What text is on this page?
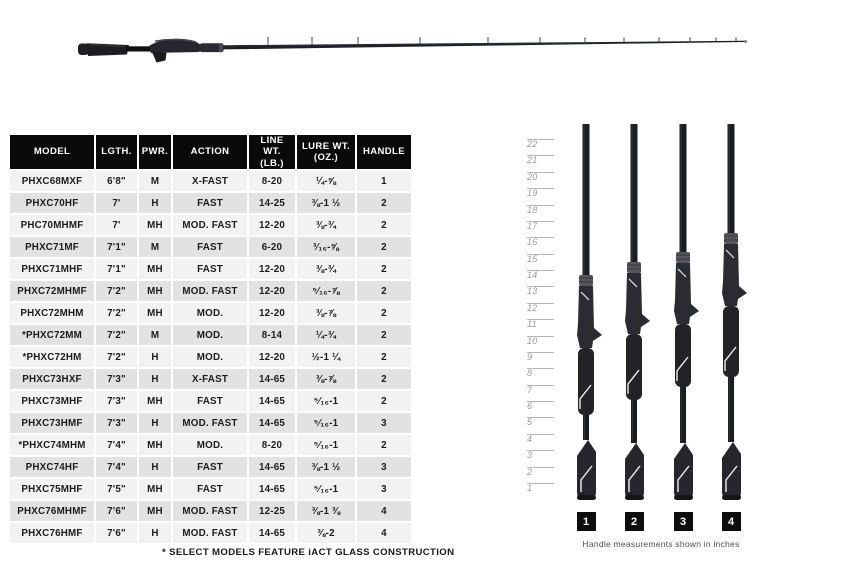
MODEL	LGTH.	PWR.	ACTION	LINE WT. (LB.)	LURE WT. (OZ.)	HANDLE
PHXC68MXF	6'8"	M	X-FAST	8-20	¼-⅝	1
PHXC70HF	7'	H	FAST	14-25	⅜-1 ½	2
PHC70MHMF	7'	MH	MOD. FAST	12-20	⅜-¾	2
PHXC71MF	7'1"	M	FAST	6-20	³⁄₁₆-⅝	2
PHXC71MHF	7'1"	MH	FAST	12-20	⅜-¾	2
PHXC72MHMF	7'2"	MH	MOD. FAST	12-20	⁵⁄₁₆-⅞	2
PHXC72MHM	7'2"	MH	MOD.	12-20	⅜-⅞	2
*PHXC72MM	7'2"	M	MOD.	8-14	¼-¾	2
*PHXC72HM	7'2"	H	MOD.	12-20	½-1 ¼	2
PHXC73HXF	7'3"	H	X-FAST	14-65	⅜-⅞	2
PHXC73MHF	7'3"	MH	FAST	14-65	⁵⁄₁₆-1	2
PHXC73HMF	7'3"	H	MOD. FAST	14-65	⁵⁄₁₆-1	3
*PHXC74MHM	7'4"	MH	MOD.	8-20	⁵⁄₁₆-1	2
PHXC74HF	7'4"	H	FAST	14-65	⅜-1 ½	3
PHXC75MHF	7'5"	MH	FAST	14-65	⁵⁄₁₆-1	3
PHXC76MHMF	7'6"	MH	MOD. FAST	12-25	⅜-1 ⅜	4
PHXC76HMF	7'6"	H	MOD. FAST	14-65	⅜-2	4
* SELECT MODELS FEATURE iACT GLASS CONSTRUCTION
22
21
20
19
18
17
16
15
14
13
12
11
10
9
8
7
6
5
4
3
2
1
1	2	3	4
Handle measurements shown in inches
